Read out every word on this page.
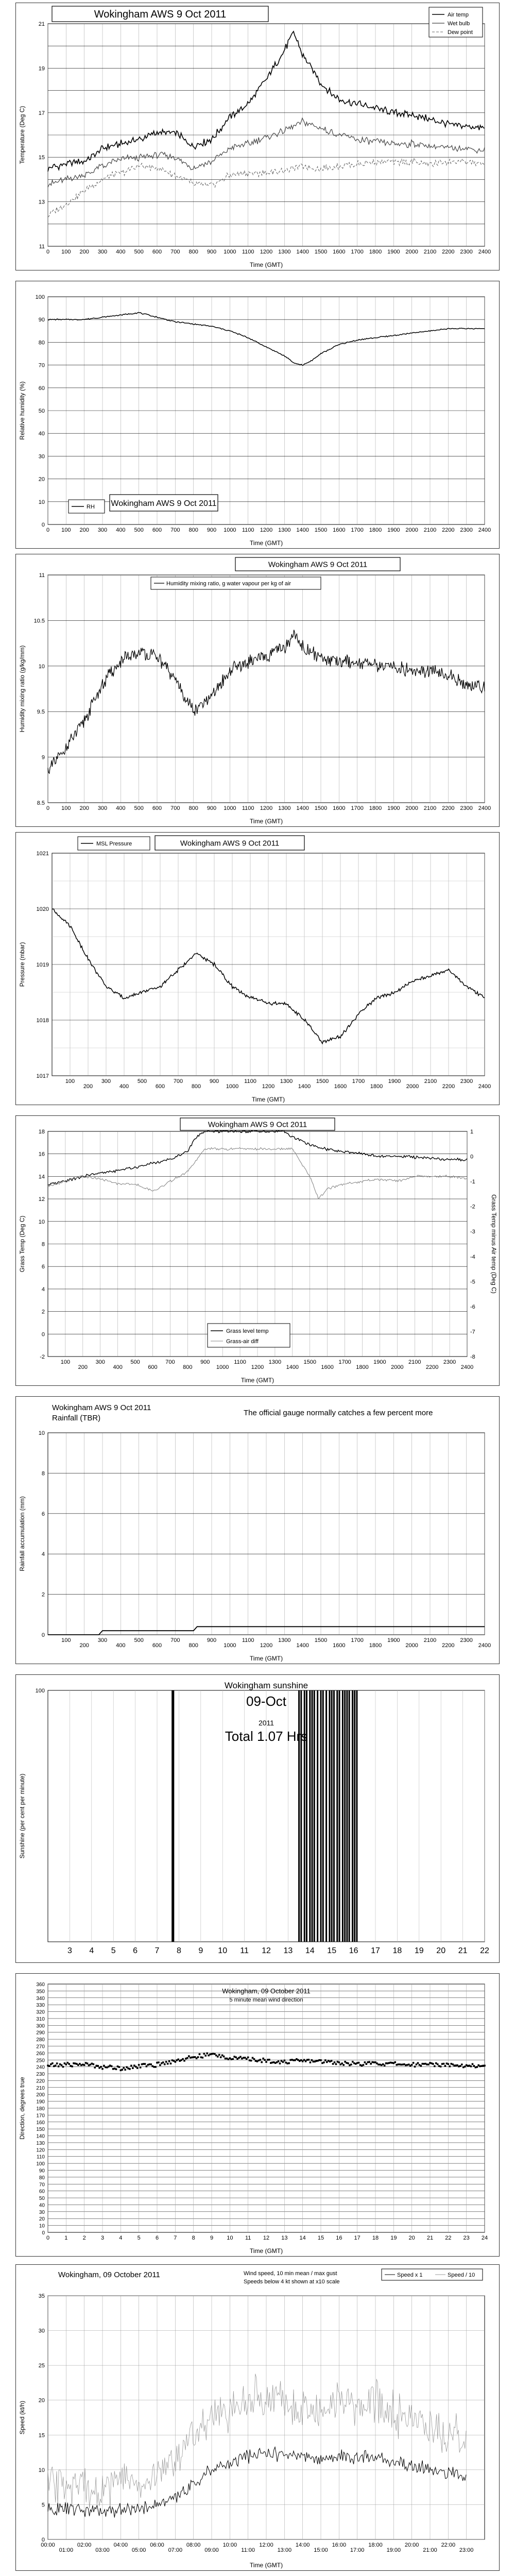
0 100 200 300 400 500 600 700 800 900 1000 1100 1200 1300 1400 1500 1600 1700 1800 1900 2000 2100 2200 2300 2400
11
13
15
17
19
21
Wokingham AWS 9 Oct 2011	Air temp
Wet bulb
Dew point
Time (GMT)
Temperature (Deg C)
0 100 200 300 400 500 600 700 800 900 1000 1100 1200 1300 1400 1500 1600 1700 1800 1900 2000 2100 2200 2300 2400
0
10
20
30
40
50
60
70
80
90
100
RH Wokingham AWS 9 Oct 2011
Time (GMT)
Relative humidity (%)
0 100 200 300 400 500 600 700 800 900 1000 1100 1200 1300 1400 1500 1600 1700 1800 1900 2000 2100 2200 2300 2400
8.5
9
9.5
10
10.5
11
Wokingham AWS 9 Oct 2011
Humidity mixing ratio, g water vapour per kg of air
Time (GMT)
Humidity mixing ratio (g/kg/mm)
100
200
300
400
500
600
700
800
900
1000
1100
1200
1300
1400
1500
1600
1700
1800
1900
2000
2100
2200
2300
2400
1017
1018
1019
1020
1021
MSL Pressure	Wokingham AWS 9 Oct 2011
Time (GMT)
Pressure (mbar)
100
200
300
400
500
600
700
800
900
1000
1100
1200
1300
1400
1500
1600
1700
1800
1900
2000
2100
2200
2300
2400
-2
0
2
4
6
8
10
12
14
16
18
-8
-7
-6
-5
-4
-3
-2
-1
0
1
Wokingham AWS 9 Oct 2011
Grass level temp
Grass-air diff
Time (GMT)
Grass Temp (Deg C)	Grass Temp minus Air temp (Deg C)
100
200
300
400
500
600
700
800
900
1000
1100
1200
1300
1400
1500
1600
1700
1800
1900
2000
2100
2200
2300
2400
0
2
4
6
8
10
Wokingham AWS 9 Oct 2011
Rainfall (TBR)
The official gauge normally catches a few percent more
Time (GMT)
Rainfall accumulation (mm)
3 4 5 6 7 8 9 10 11 12 13 14 15 16 17 18 19 20 21 22
100
Wokingham sunshine
09-Oct
2011
Total 1.07 Hrs
Sunshine (per cent per minute)
0
10
20
30
40
50
60
70
80
90
100
110
120
130
140
150
160
170
180
190
200
210
220
230
240
250
260
270
280
290
300
310
320
330
340
350
360
0	1	2	3	4	5	6	7	8	9 10 11 12 13 14 15 16 17 18 19 20 21 22 23 24
Wokingham, 09 October 2011
5 minute mean wind direction
Time (GMT)
Direction, degrees true
0
5
10
15
20
25
30
35
00:00
01:00
02:00
03:00
04:00
05:00
06:00
07:00
08:00
09:00
10:00
11:00
12:00
13:00
14:00
15:00
16:00
17:00
18:00
19:00
20:00
21:00
22:00
23:00
Wokingham, 09 October 2011	Wind speed, 10 min mean / max gust
Speeds below 4 kt shown at x10 scale
Speed x 1	Speed / 10
Time (GMT)
Speed (kt/h)
